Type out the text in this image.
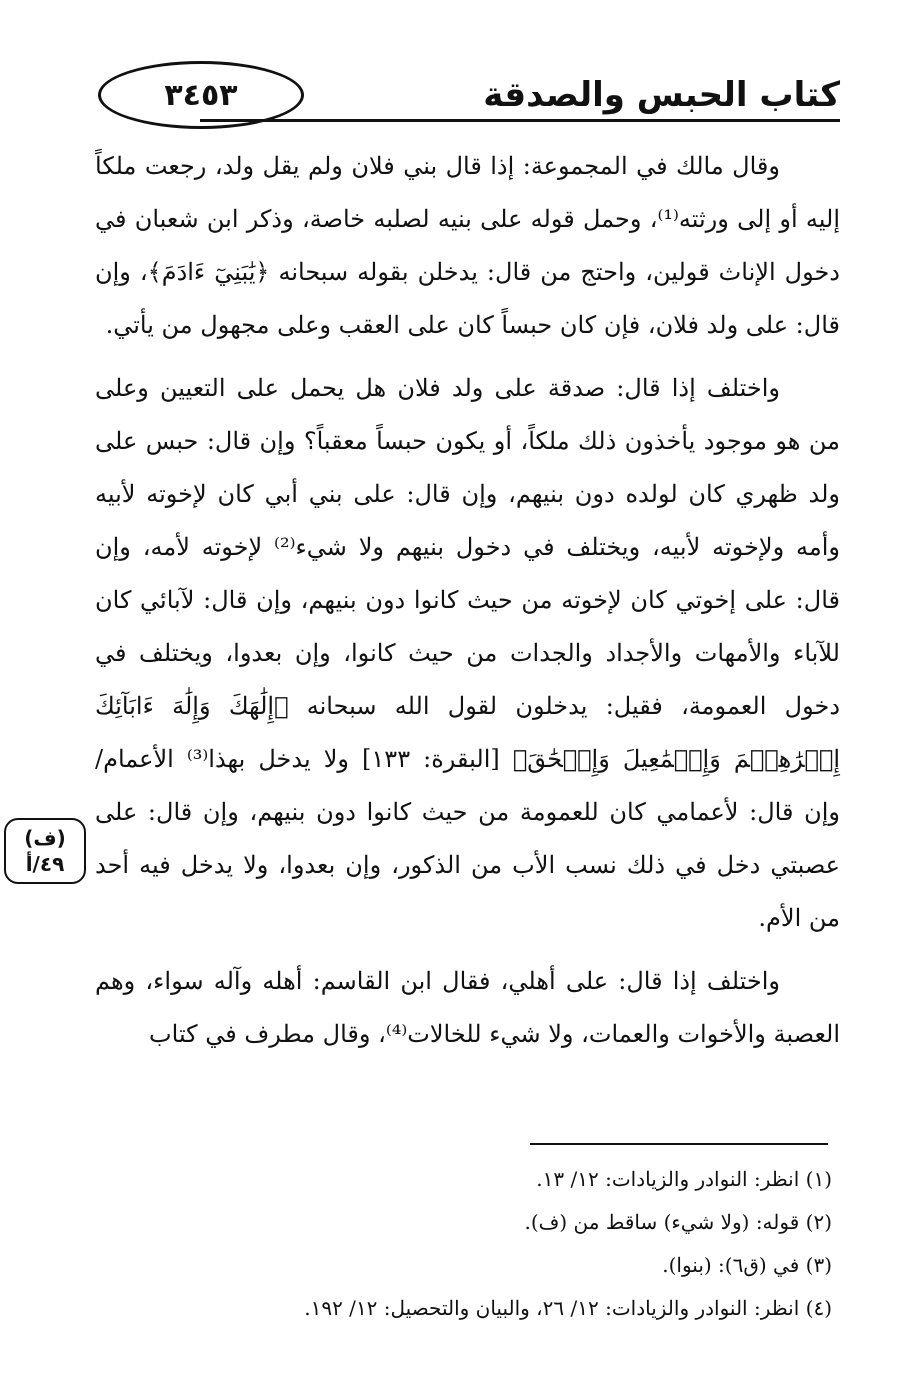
٣٤٥٣	كتاب الحبس والصدقة
(ف)
٤٩/أ

وقال مالك في المجموعة: إذا قال بني فلان ولم يقل ولد، رجعت ملكاً إليه أو إلى ورثته⁽¹⁾، وحمل قوله على بنيه لصلبه خاصة، وذكر ابن شعبان في دخول الإناث قولين، واحتج من قال: يدخلن بقوله سبحانه ﴿يَٰبَنِيٓ ءَادَمَ﴾، وإن قال: على ولد فلان، فإن كان حبساً كان على العقب وعلى مجهول من يأتي.

واختلف إذا قال: صدقة على ولد فلان هل يحمل على التعيين وعلى من هو موجود يأخذون ذلك ملكاً، أو يكون حبساً معقباً؟ وإن قال: حبس على ولد ظهري كان لولده دون بنيهم، وإن قال: على بني أبي كان لإخوته لأبيه وأمه ولإخوته لأبيه، ويختلف في دخول بنيهم ولا شيء⁽²⁾ لإخوته لأمه، وإن قال: على إخوتي كان لإخوته من حيث كانوا دون بنيهم، وإن قال: لآبائي كان للآباء والأمهات والأجداد والجدات من حيث كانوا، وإن بعدوا، ويختلف في دخول العمومة، فقيل: يدخلون لقول الله سبحانه ﴿إِلَٰهَكَ وَإِلَٰهَ ءَابَآئِكَ إِبۡرَٰهِـۧمَ وَإِسۡمَٰعِيلَ وَإِسۡحَٰقَ﴾ [البقرة: ١٣٣] ولا يدخل بهذا⁽³⁾ الأعمام/ وإن قال: لأعمامي كان للعمومة من حيث كانوا دون بنيهم، وإن قال: على عصبتي دخل في ذلك نسب الأب من الذكور، وإن بعدوا، ولا يدخل فيه أحد من الأم.

واختلف إذا قال: على أهلي، فقال ابن القاسم: أهله وآله سواء، وهم العصبة والأخوات والعمات، ولا شيء للخالات⁽⁴⁾، وقال مطرف في كتاب

(١) انظر: النوادر والزيادات: ١٢/ ١٣.
(٢) قوله: (ولا شيء) ساقط من (ف).
(٣) في (ق٦): (بنوا).
(٤) انظر: النوادر والزيادات: ١٢/ ٢٦، والبيان والتحصيل: ١٢/ ١٩٢.
